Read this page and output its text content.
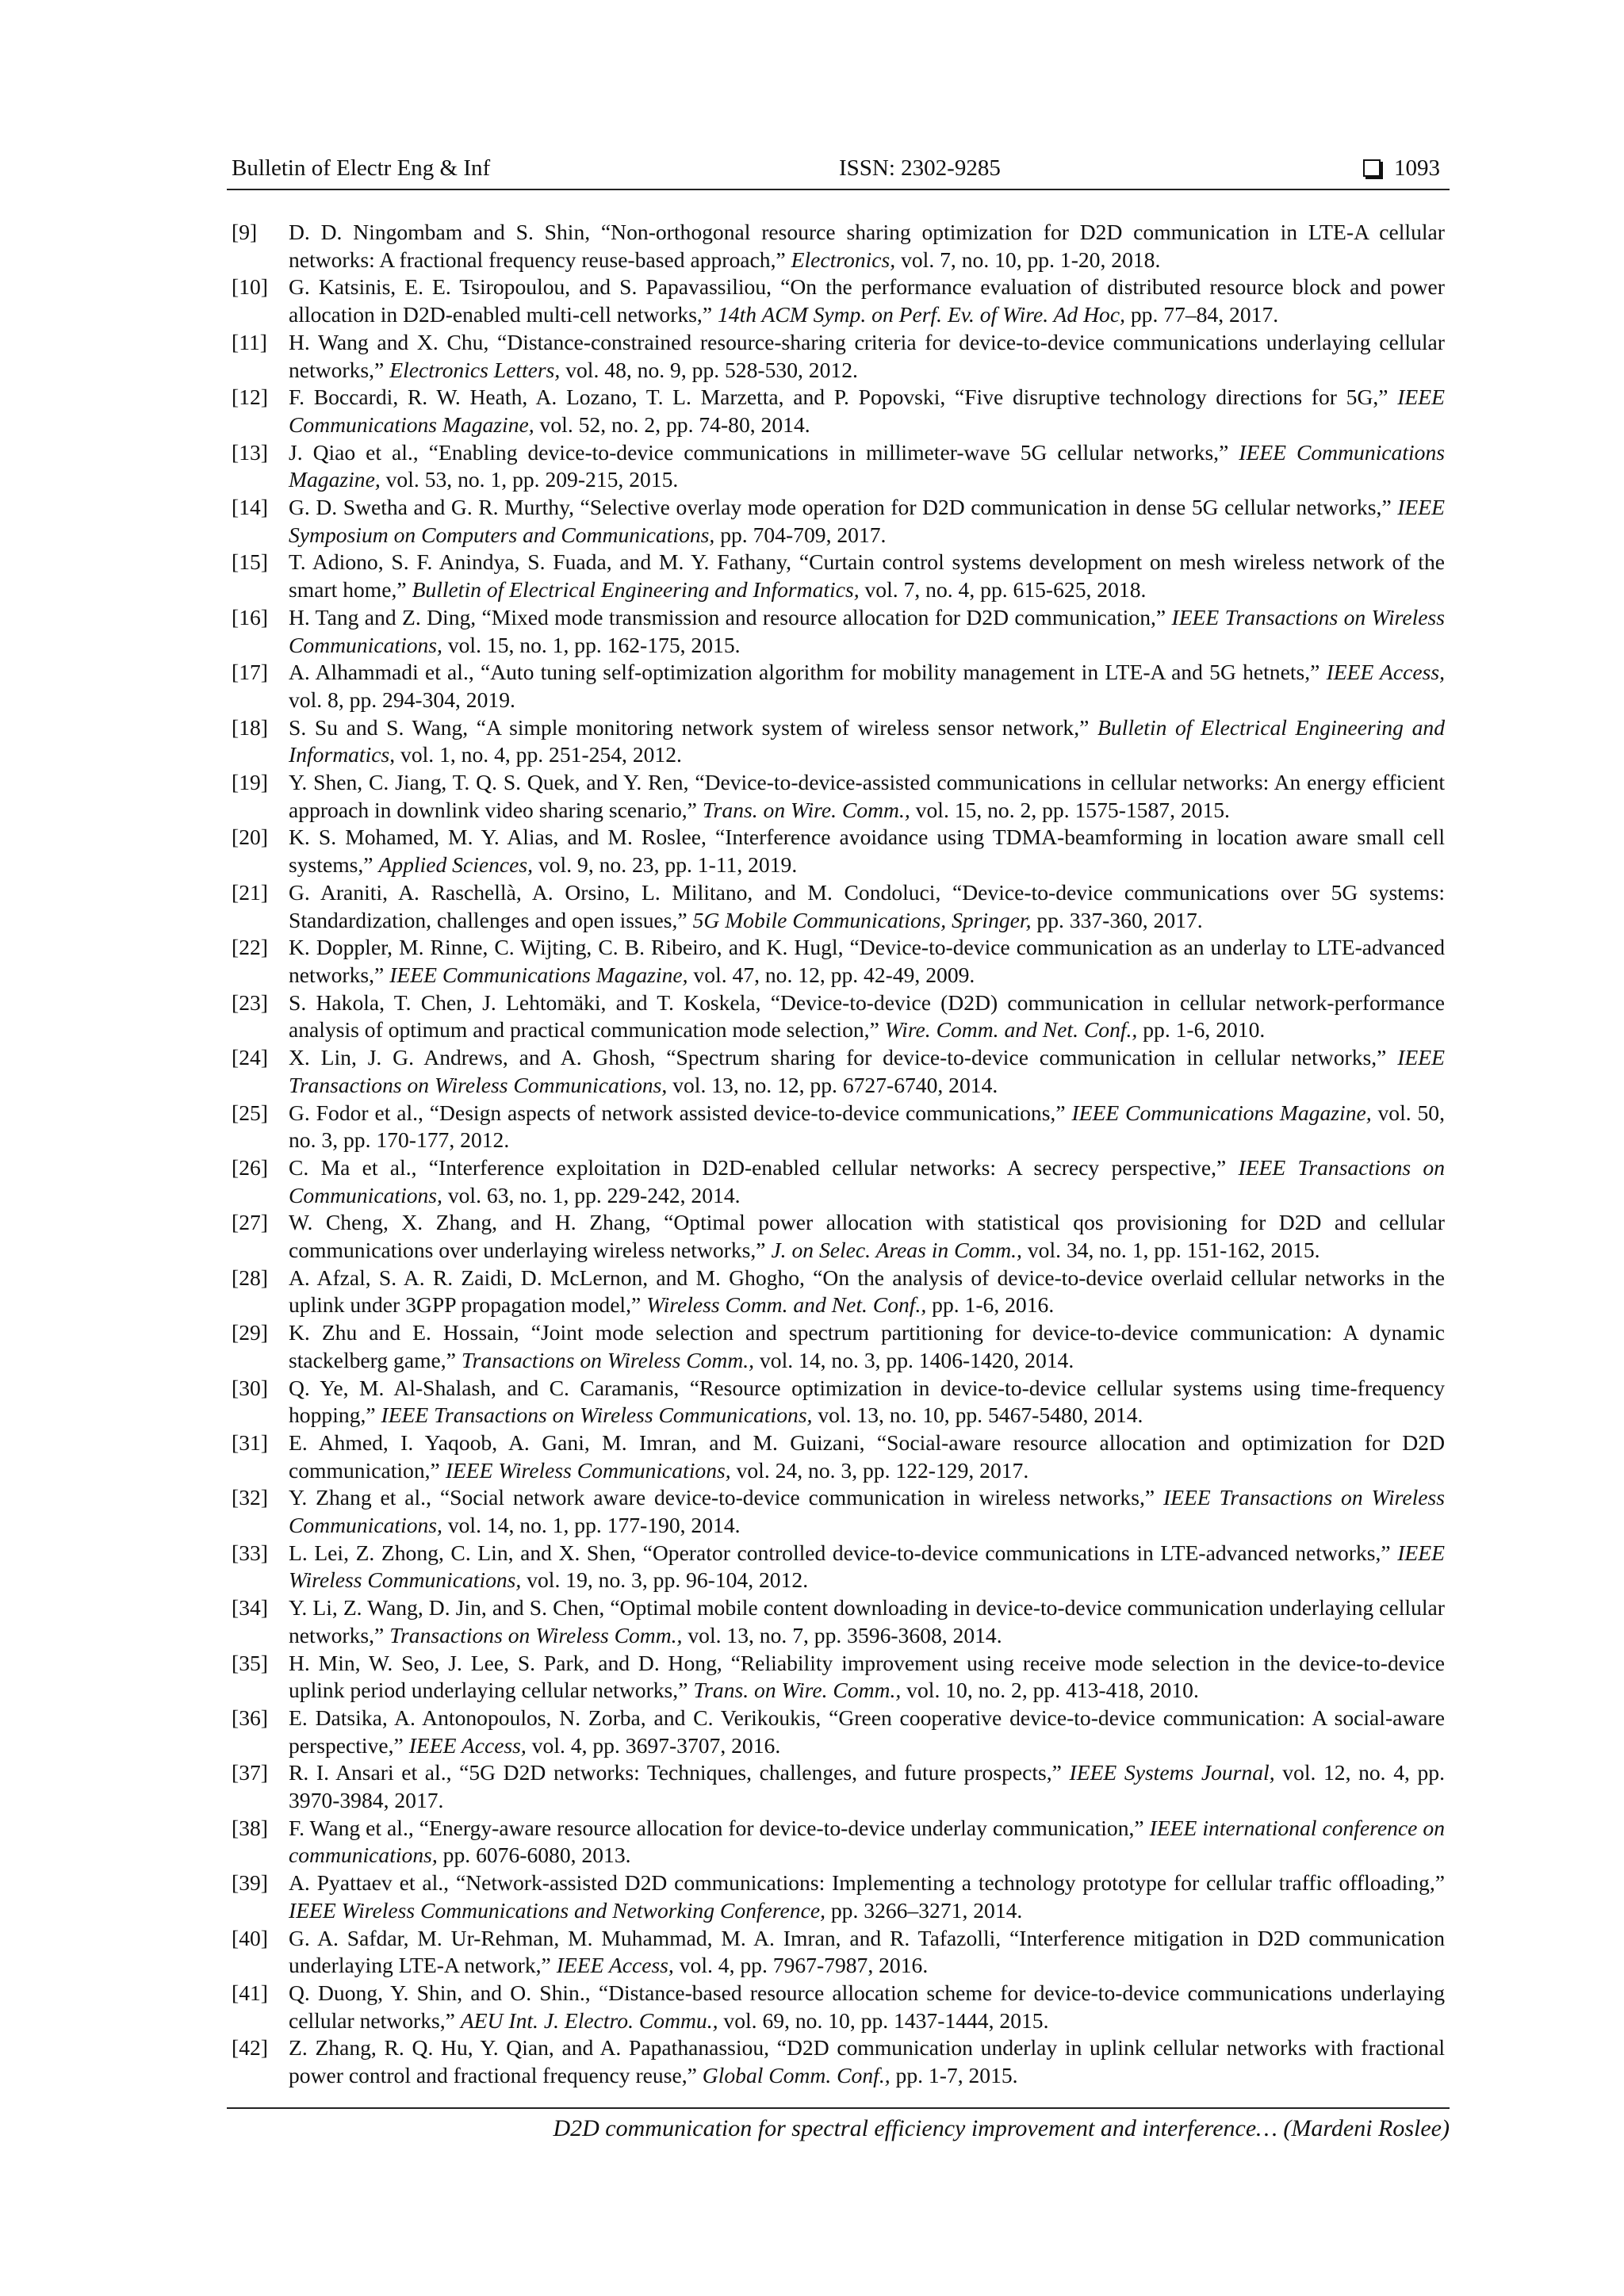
Bulletin of Electr Eng & Inf	ISSN: 2302-9285	1093
[9] D. D. Ningombam and S. Shin, “Non-orthogonal resource sharing optimization for D2D communication in LTE-A cellular networks: A fractional frequency reuse-based approach,” Electronics, vol. 7, no. 10, pp. 1-20, 2018.
[10] G. Katsinis, E. E. Tsiropoulou, and S. Papavassiliou, “On the performance evaluation of distributed resource block and power allocation in D2D-enabled multi-cell networks,” 14th ACM Symp. on Perf. Ev. of Wire. Ad Hoc, pp. 77–84, 2017.
[11] H. Wang and X. Chu, “Distance-constrained resource-sharing criteria for device-to-device communications underlaying cellular networks,” Electronics Letters, vol. 48, no. 9, pp. 528-530, 2012.
[12] F. Boccardi, R. W. Heath, A. Lozano, T. L. Marzetta, and P. Popovski, “Five disruptive technology directions for 5G,” IEEE Communications Magazine, vol. 52, no. 2, pp. 74-80, 2014.
[13] J. Qiao et al., “Enabling device-to-device communications in millimeter-wave 5G cellular networks,” IEEE Communications Magazine, vol. 53, no. 1, pp. 209-215, 2015.
[14] G. D. Swetha and G. R. Murthy, “Selective overlay mode operation for D2D communication in dense 5G cellular networks,” IEEE Symposium on Computers and Communications, pp. 704-709, 2017.
[15] T. Adiono, S. F. Anindya, S. Fuada, and M. Y. Fathany, “Curtain control systems development on mesh wireless network of the smart home,” Bulletin of Electrical Engineering and Informatics, vol. 7, no. 4, pp. 615-625, 2018.
[16] H. Tang and Z. Ding, “Mixed mode transmission and resource allocation for D2D communication,” IEEE Transactions on Wireless Communications, vol. 15, no. 1, pp. 162-175, 2015.
[17] A. Alhammadi et al., “Auto tuning self-optimization algorithm for mobility management in LTE-A and 5G hetnets,” IEEE Access, vol. 8, pp. 294-304, 2019.
[18] S. Su and S. Wang, “A simple monitoring network system of wireless sensor network,” Bulletin of Electrical Engineering and Informatics, vol. 1, no. 4, pp. 251-254, 2012.
[19] Y. Shen, C. Jiang, T. Q. S. Quek, and Y. Ren, “Device-to-device-assisted communications in cellular networks: An energy efficient approach in downlink video sharing scenario,” Trans. on Wire. Comm., vol. 15, no. 2, pp. 1575-1587, 2015.
[20] K. S. Mohamed, M. Y. Alias, and M. Roslee, “Interference avoidance using TDMA-beamforming in location aware small cell systems,” Applied Sciences, vol. 9, no. 23, pp. 1-11, 2019.
[21] G. Araniti, A. Raschellà, A. Orsino, L. Militano, and M. Condoluci, “Device-to-device communications over 5G systems: Standardization, challenges and open issues,” 5G Mobile Communications, Springer, pp. 337-360, 2017.
[22] K. Doppler, M. Rinne, C. Wijting, C. B. Ribeiro, and K. Hugl, “Device-to-device communication as an underlay to LTE-advanced networks,” IEEE Communications Magazine, vol. 47, no. 12, pp. 42-49, 2009.
[23] S. Hakola, T. Chen, J. Lehtomäki, and T. Koskela, “Device-to-device (D2D) communication in cellular network-performance analysis of optimum and practical communication mode selection,” Wire. Comm. and Net. Conf., pp. 1-6, 2010.
[24] X. Lin, J. G. Andrews, and A. Ghosh, “Spectrum sharing for device-to-device communication in cellular networks,” IEEE Transactions on Wireless Communications, vol. 13, no. 12, pp. 6727-6740, 2014.
[25] G. Fodor et al., “Design aspects of network assisted device-to-device communications,” IEEE Communications Magazine, vol. 50, no. 3, pp. 170-177, 2012.
[26] C. Ma et al., “Interference exploitation in D2D-enabled cellular networks: A secrecy perspective,” IEEE Transactions on Communications, vol. 63, no. 1, pp. 229-242, 2014.
[27] W. Cheng, X. Zhang, and H. Zhang, “Optimal power allocation with statistical qos provisioning for D2D and cellular communications over underlaying wireless networks,” J. on Selec. Areas in Comm., vol. 34, no. 1, pp. 151-162, 2015.
[28] A. Afzal, S. A. R. Zaidi, D. McLernon, and M. Ghogho, “On the analysis of device-to-device overlaid cellular networks in the uplink under 3GPP propagation model,” Wireless Comm. and Net. Conf., pp. 1-6, 2016.
[29] K. Zhu and E. Hossain, “Joint mode selection and spectrum partitioning for device-to-device communication: A dynamic stackelberg game,” Transactions on Wireless Comm., vol. 14, no. 3, pp. 1406-1420, 2014.
[30] Q. Ye, M. Al-Shalash, and C. Caramanis, “Resource optimization in device-to-device cellular systems using time-frequency hopping,” IEEE Transactions on Wireless Communications, vol. 13, no. 10, pp. 5467-5480, 2014.
[31] E. Ahmed, I. Yaqoob, A. Gani, M. Imran, and M. Guizani, “Social-aware resource allocation and optimization for D2D communication,” IEEE Wireless Communications, vol. 24, no. 3, pp. 122-129, 2017.
[32] Y. Zhang et al., “Social network aware device-to-device communication in wireless networks,” IEEE Transactions on Wireless Communications, vol. 14, no. 1, pp. 177-190, 2014.
[33] L. Lei, Z. Zhong, C. Lin, and X. Shen, “Operator controlled device-to-device communications in LTE-advanced networks,” IEEE Wireless Communications, vol. 19, no. 3, pp. 96-104, 2012.
[34] Y. Li, Z. Wang, D. Jin, and S. Chen, “Optimal mobile content downloading in device-to-device communication underlaying cellular networks,” Transactions on Wireless Comm., vol. 13, no. 7, pp. 3596-3608, 2014.
[35] H. Min, W. Seo, J. Lee, S. Park, and D. Hong, “Reliability improvement using receive mode selection in the device-to-device uplink period underlaying cellular networks,” Trans. on Wire. Comm., vol. 10, no. 2, pp. 413-418, 2010.
[36] E. Datsika, A. Antonopoulos, N. Zorba, and C. Verikoukis, “Green cooperative device-to-device communication: A social-aware perspective,” IEEE Access, vol. 4, pp. 3697-3707, 2016.
[37] R. I. Ansari et al., “5G D2D networks: Techniques, challenges, and future prospects,” IEEE Systems Journal, vol. 12, no. 4, pp. 3970-3984, 2017.
[38] F. Wang et al., “Energy-aware resource allocation for device-to-device underlay communication,” IEEE international conference on communications, pp. 6076-6080, 2013.
[39] A. Pyattaev et al., “Network-assisted D2D communications: Implementing a technology prototype for cellular traffic offloading,” IEEE Wireless Communications and Networking Conference, pp. 3266–3271, 2014.
[40] G. A. Safdar, M. Ur-Rehman, M. Muhammad, M. A. Imran, and R. Tafazolli, “Interference mitigation in D2D communication underlaying LTE-A network,” IEEE Access, vol. 4, pp. 7967-7987, 2016.
[41] Q. Duong, Y. Shin, and O. Shin., “Distance-based resource allocation scheme for device-to-device communications underlaying cellular networks,” AEU Int. J. Electro. Commu., vol. 69, no. 10, pp. 1437-1444, 2015.
[42] Z. Zhang, R. Q. Hu, Y. Qian, and A. Papathanassiou, “D2D communication underlay in uplink cellular networks with fractional power control and fractional frequency reuse,” Global Comm. Conf., pp. 1-7, 2015.
D2D communication for spectral efficiency improvement and interference… (Mardeni Roslee)
